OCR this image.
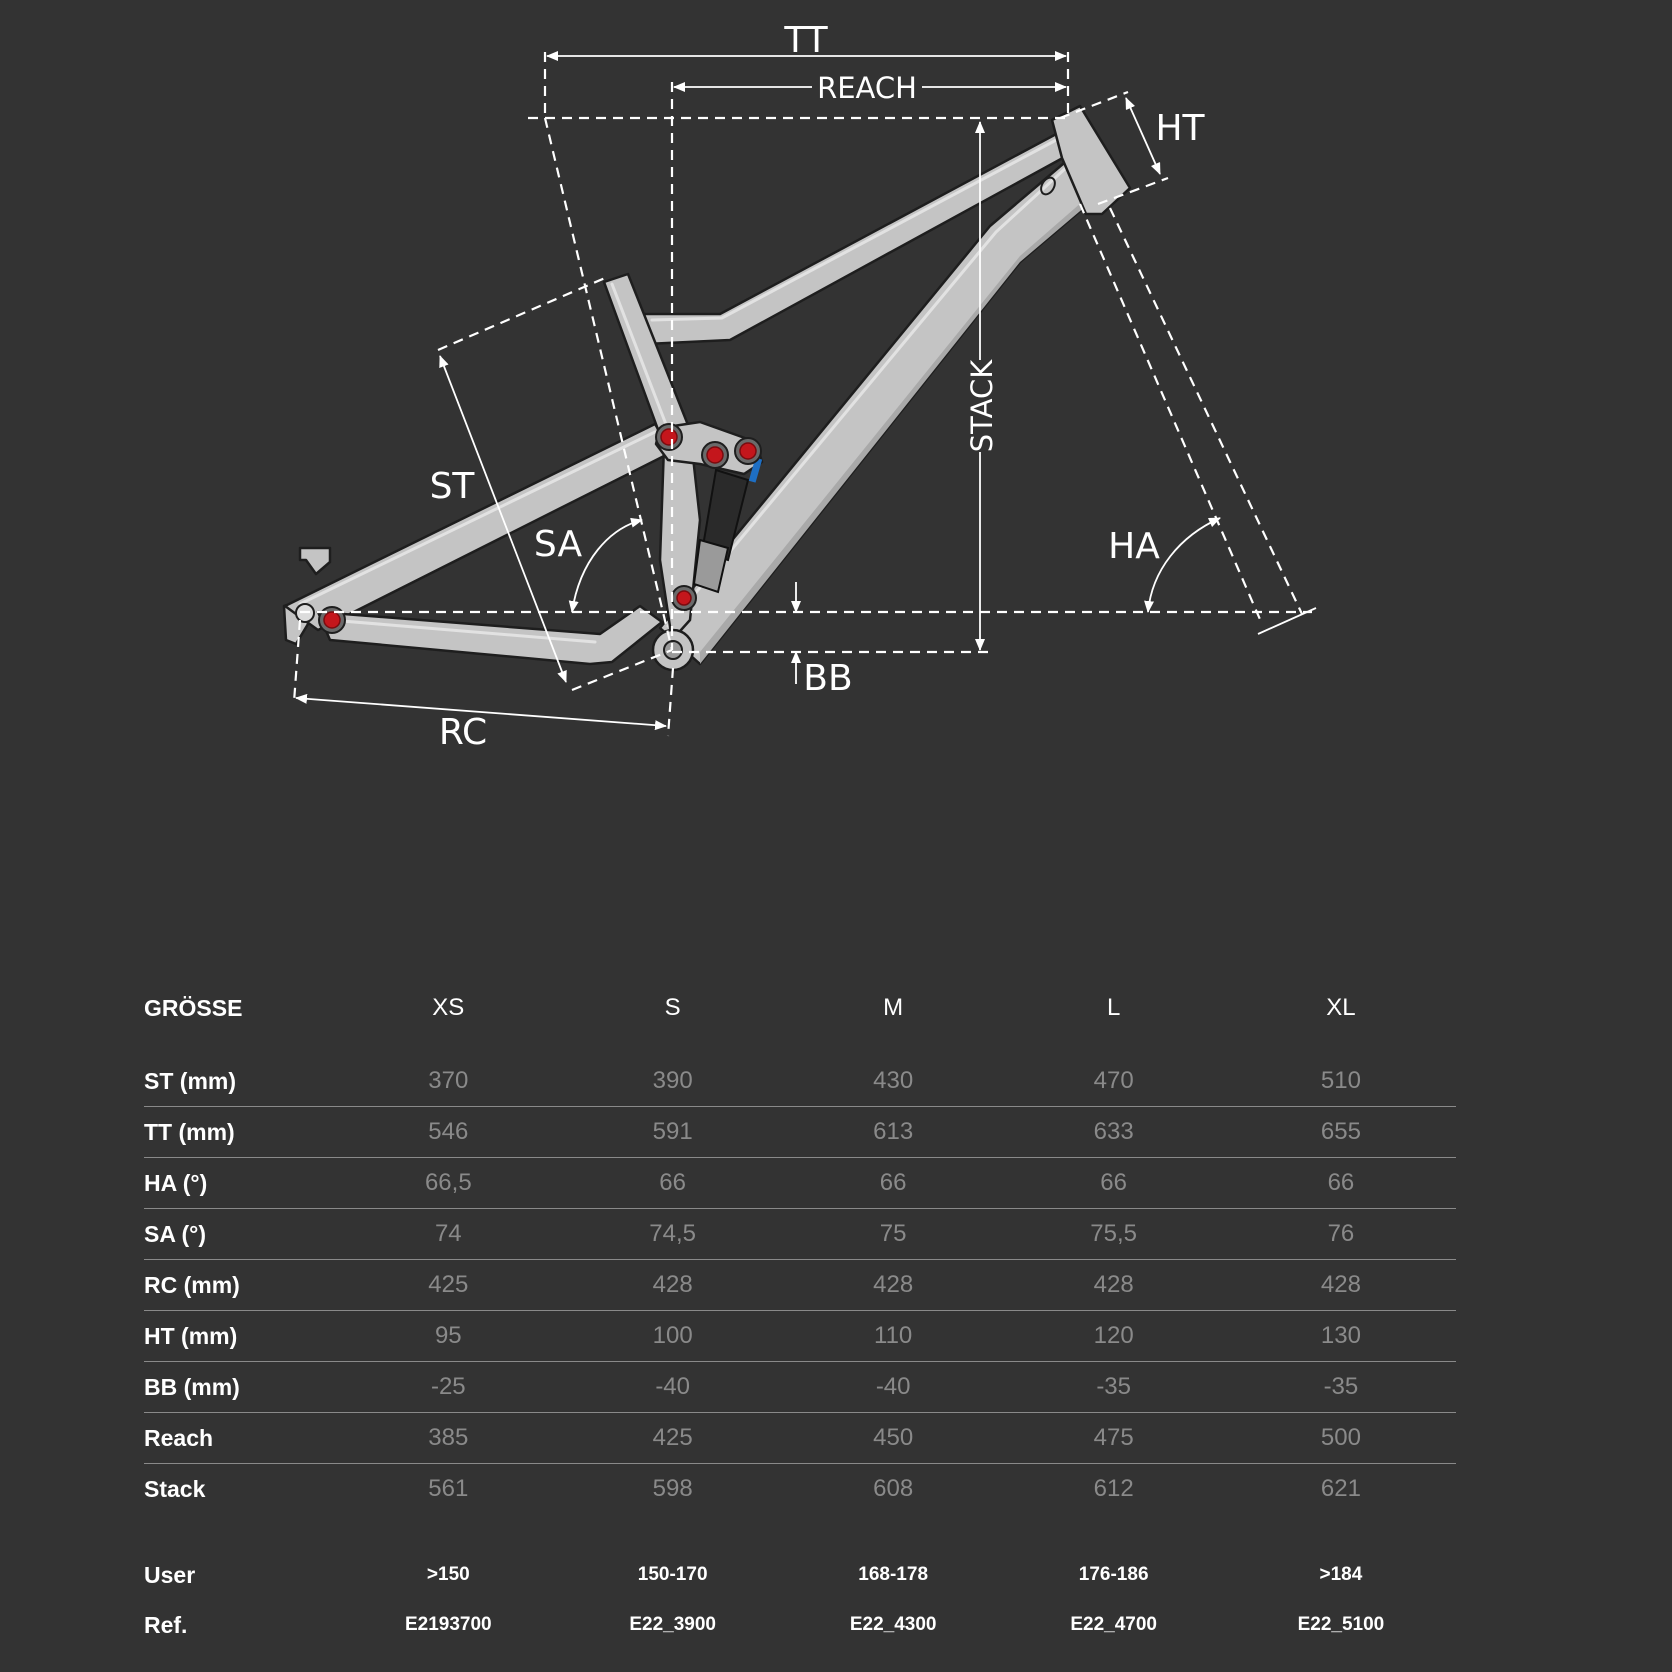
TT
REACH
HT
STACK
ST
SA	HA
BB
RC
GRÖSSE	XS	S	M	L	XL

ST (mm)	370	390	430	470	510
TT (mm)	546	591	613	633	655
HA (°)	66,5	66	66	66	66
SA (°)	74	74,5	75	75,5	76
RC (mm)	425	428	428	428	428
HT (mm)	95	100	110	120	130
BB (mm)	-25	-40	-40	-35	-35
Reach	385	425	450	475	500
Stack	561	598	608	612	621

User	>150	150-170	168-178	176-186	>184
Ref.	E2193700	E22_3900	E22_4300	E22_4700	E22_5100
